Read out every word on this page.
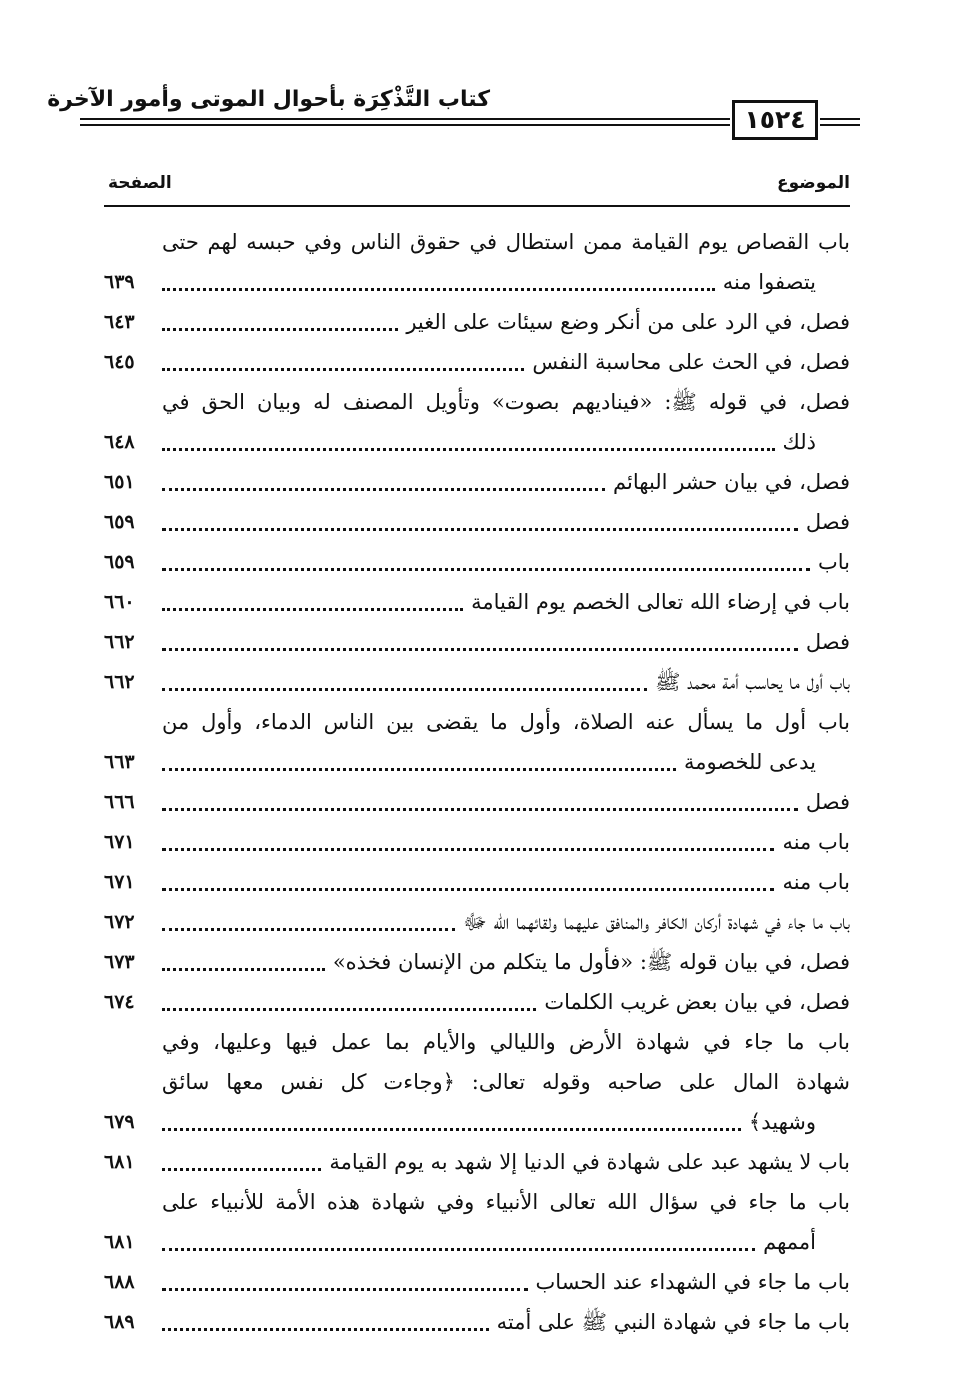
كتاب التَّذْكِرَة بأحوال الموتى وأمور الآخرة
١٥٢٤
الموضوع
الصفحة
باب القصاص يوم القيامة ممن استطال في حقوق الناس وفي حبسه لهم حتى
يتصفوا منه
٦٣٩
فصل، في الرد على من أنكر وضع سيئات على الغير
٦٤٣
فصل، في الحث على محاسبة النفس
٦٤٥
فصل، في قوله ﷺ: «فيناديهم بصوت» وتأويل المصنف له وبيان الحق في
ذلك
٦٤٨
فصل، في بيان حشر البهائم
٦٥١
فصل
٦٥٩
باب
٦٥٩
باب في إرضاء الله تعالى الخصم يوم القيامة
٦٦٠
فصل
٦٦٢
باب أول ما يحاسب أمة محمد ﷺ
٦٦٢
باب أول ما يسأل عنه الصلاة، وأول ما يقضى بين الناس الدماء، وأول من
يدعى للخصومة
٦٦٣
فصل
٦٦٦
باب منه
٦٧١
باب منه
٦٧١
باب ما جاء في شهادة أركان الكافر والمنافق عليهما ولقائهما الله ﷻ
٦٧٢
فصل، في بيان قوله ﷺ: «فأول ما يتكلم من الإنسان فخذه»
٦٧٣
فصل، في بيان بعض غريب الكلمات
٦٧٤
باب ما جاء في شهادة الأرض والليالي والأيام بما عمل فيها وعليها، وفي
شهادة المال على صاحبه وقوله تعالى: ﴿وجاءت كل نفس معها سائق
وشهيد﴾
٦٧٩
باب لا يشهد عبد على شهادة في الدنيا إلا شهد به يوم القيامة
٦٨١
باب ما جاء في سؤال الله تعالى الأنبياء وفي شهادة هذه الأمة للأنبياء على
أممهم
٦٨١
باب ما جاء في الشهداء عند الحساب
٦٨٨
باب ما جاء في شهادة النبي ﷺ على أمته
٦٨٩
